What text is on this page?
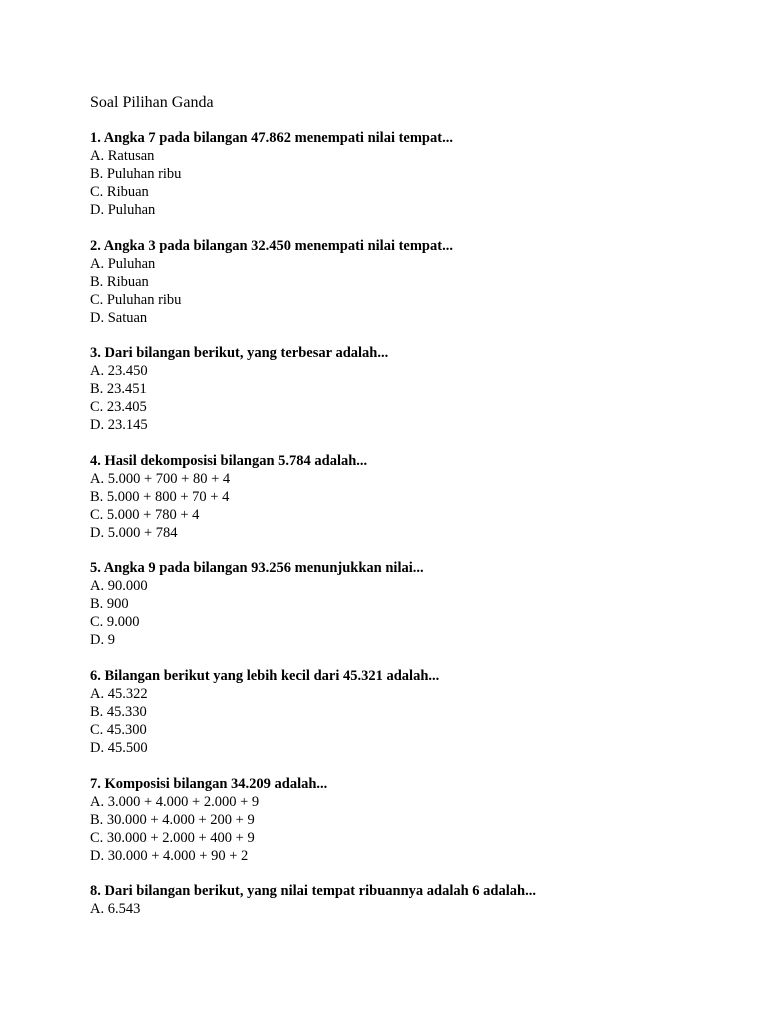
Soal Pilihan Ganda
1. Angka 7 pada bilangan 47.862 menempati nilai tempat...
A. Ratusan
B. Puluhan ribu
C. Ribuan
D. Puluhan
2. Angka 3 pada bilangan 32.450 menempati nilai tempat...
A. Puluhan
B. Ribuan
C. Puluhan ribu
D. Satuan
3. Dari bilangan berikut, yang terbesar adalah...
A. 23.450
B. 23.451
C. 23.405
D. 23.145
4. Hasil dekomposisi bilangan 5.784 adalah...
A. 5.000 + 700 + 80 + 4
B. 5.000 + 800 + 70 + 4
C. 5.000 + 780 + 4
D. 5.000 + 784
5. Angka 9 pada bilangan 93.256 menunjukkan nilai...
A. 90.000
B. 900
C. 9.000
D. 9
6. Bilangan berikut yang lebih kecil dari 45.321 adalah...
A. 45.322
B. 45.330
C. 45.300
D. 45.500
7. Komposisi bilangan 34.209 adalah...
A. 3.000 + 4.000 + 2.000 + 9
B. 30.000 + 4.000 + 200 + 9
C. 30.000 + 2.000 + 400 + 9
D. 30.000 + 4.000 + 90 + 2
8. Dari bilangan berikut, yang nilai tempat ribuannya adalah 6 adalah...
A. 6.543
